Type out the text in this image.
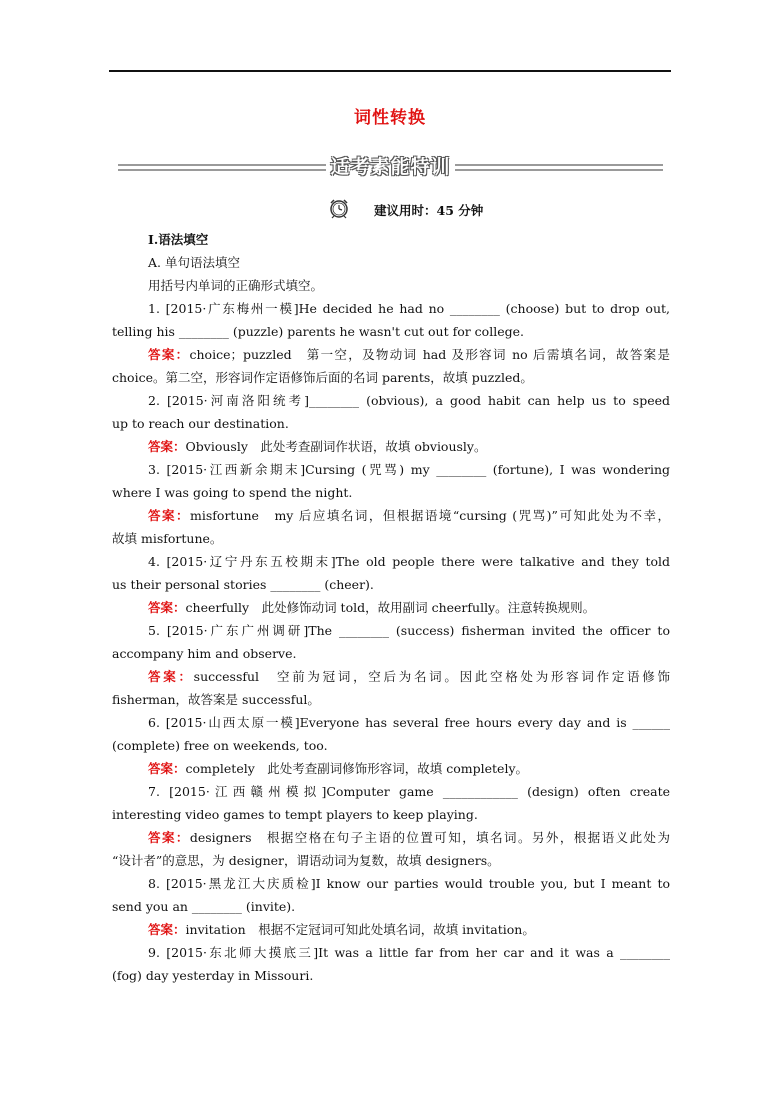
词性转换
适考素能特训
建议用时：45 分钟
Ⅰ.语法填空
A. 单句语法填空
用括号内单词的正确形式填空。
1. [2015·广东梅州一模]He decided he had no ________ (choose) but to drop out,
telling his ________ (puzzle) parents he wasn't cut out for college.
答案：choice；puzzled　第一空，及物动词 had 及形容词 no 后需填名词，故答案是
choice。第二空，形容词作定语修饰后面的名词 parents，故填 puzzled。
2. [2015·河南洛阳统考]________ (obvious), a good habit can help us to speed
up to reach our destination.
答案：Obviously　此处考查副词作状语，故填 obviously。
3. [2015·江西新余期末]Cursing (咒骂) my ________ (fortune), I was wondering
where I was going to spend the night.
答案：misfortune　my 后应填名词，但根据语境“cursing (咒骂)”可知此处为不幸，
故填 misfortune。
4. [2015·辽宁丹东五校期末]The old people there were talkative and they told
us their personal stories ________ (cheer).
答案：cheerfully　此处修饰动词 told，故用副词 cheerfully。注意转换规则。
5. [2015·广东广州调研]The ________ (success) fisherman invited the officer to
accompany him and observe.
答案：successful　空前为冠词，空后为名词。因此空格处为形容词作定语修饰
fisherman，故答案是 successful。
6. [2015·山西太原一模]Everyone has several free hours every day and is ______
(complete) free on weekends, too.
答案：completely　此处考查副词修饰形容词，故填 completely。
7. [2015·江西赣州模拟]Computer game ____________ (design) often create
interesting video games to tempt players to keep playing.
答案：designers　根据空格在句子主语的位置可知，填名词。另外，根据语义此处为
“设计者”的意思，为 designer，谓语动词为复数，故填 designers。
8. [2015·黑龙江大庆质检]I know our parties would trouble you, but I meant to
send you an ________ (invite).
答案：invitation　根据不定冠词可知此处填名词，故填 invitation。
9. [2015·东北师大摸底三]It was a little far from her car and it was a ________
(fog) day yesterday in Missouri.
